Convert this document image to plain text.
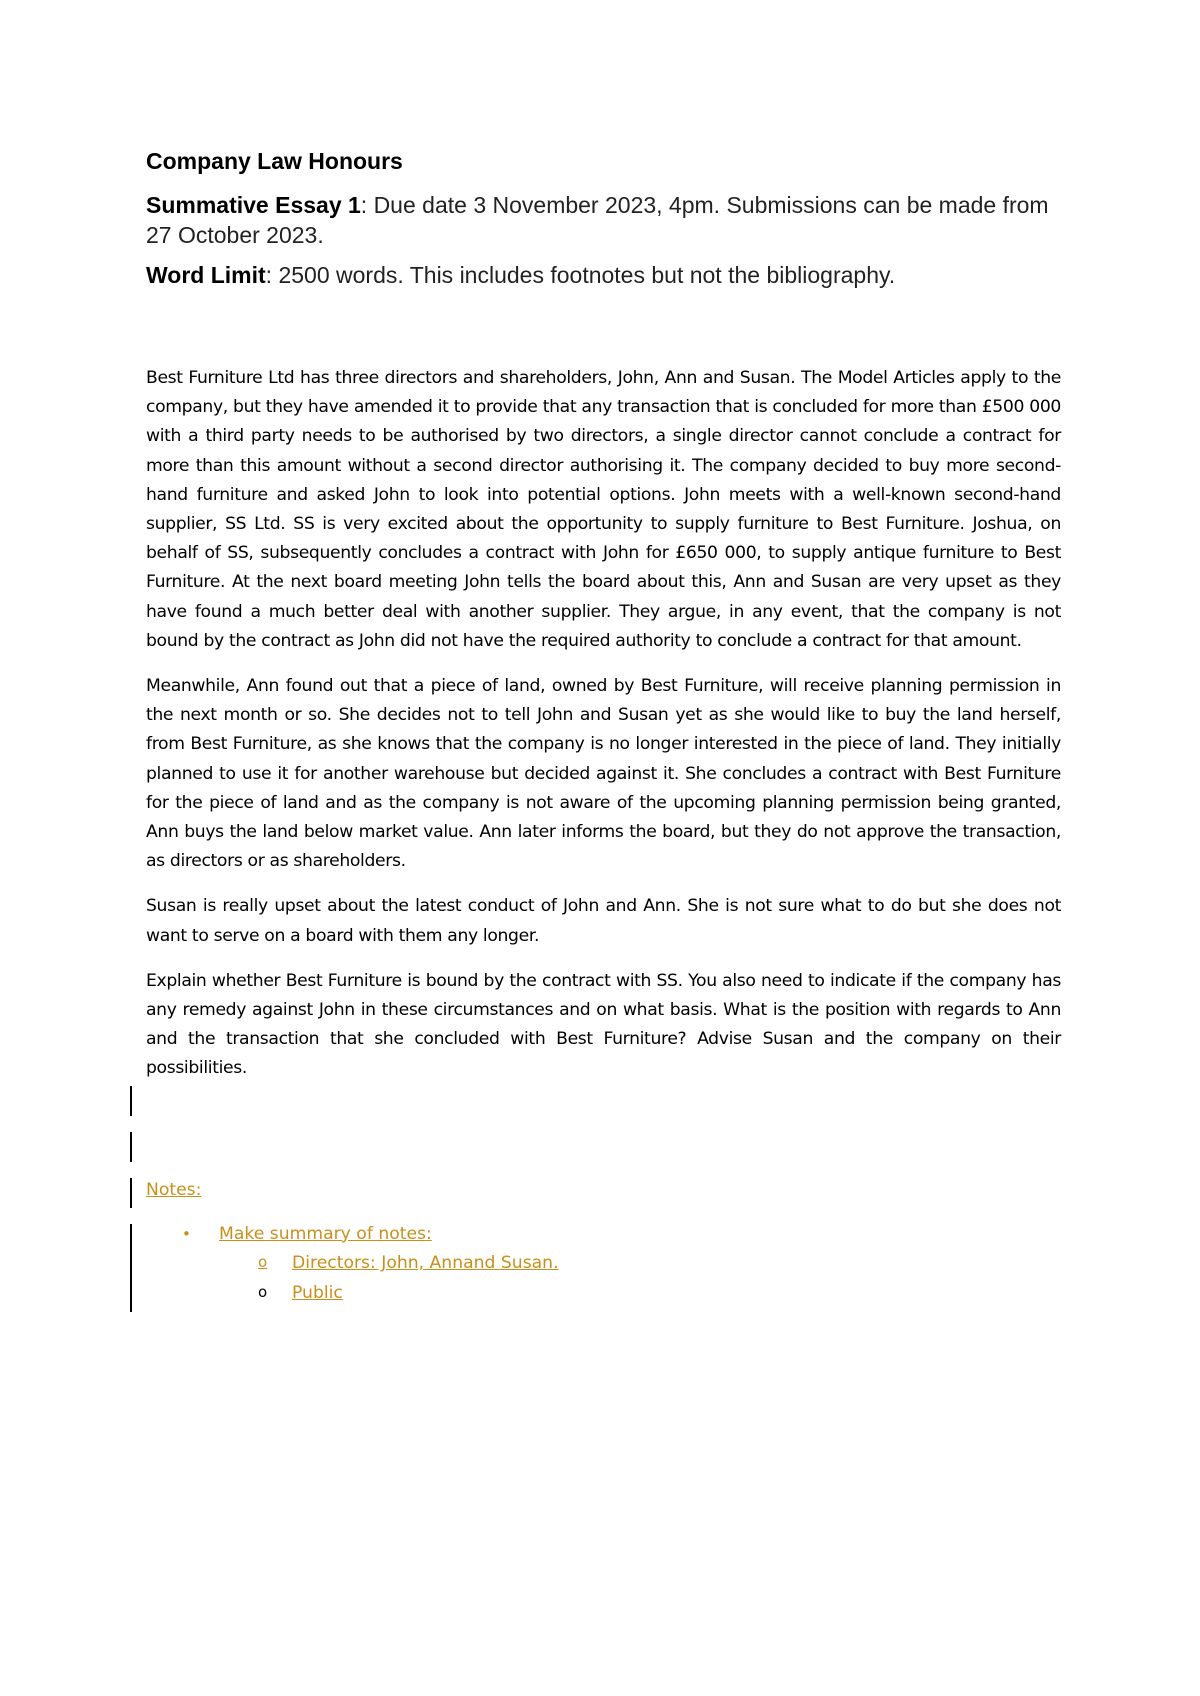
Company Law Honours
Summative Essay 1: Due date 3 November 2023, 4pm. Submissions can be made from 27 October 2023.
Word Limit: 2500 words. This includes footnotes but not the bibliography.

Best Furniture Ltd has three directors and shareholders, John, Ann and Susan. The Model Articles apply to the company, but they have amended it to provide that any transaction that is concluded for more than £500 000 with a third party needs to be authorised by two directors, a single director cannot conclude a contract for more than this amount without a second director authorising it. The company decided to buy more second-hand furniture and asked John to look into potential options. John meets with a well-known second-hand supplier, SS Ltd. SS is very excited about the opportunity to supply furniture to Best Furniture. Joshua, on behalf of SS, subsequently concludes a contract with John for £650 000, to supply antique furniture to Best Furniture. At the next board meeting John tells the board about this, Ann and Susan are very upset as they have found a much better deal with another supplier. They argue, in any event, that the company is not bound by the contract as John did not have the required authority to conclude a contract for that amount.

Meanwhile, Ann found out that a piece of land, owned by Best Furniture, will receive planning permission in the next month or so. She decides not to tell John and Susan yet as she would like to buy the land herself, from Best Furniture, as she knows that the company is no longer interested in the piece of land. They initially planned to use it for another warehouse but decided against it. She concludes a contract with Best Furniture for the piece of land and as the company is not aware of the upcoming planning permission being granted, Ann buys the land below market value. Ann later informs the board, but they do not approve the transaction, as directors or as shareholders.

Susan is really upset about the latest conduct of John and Ann. She is not sure what to do but she does not want to serve on a board with them any longer.

Explain whether Best Furniture is bound by the contract with SS. You also need to indicate if the company has any remedy against John in these circumstances and on what basis. What is the position with regards to Ann and the transaction that she concluded with Best Furniture? Advise Susan and the company on their possibilities.

Notes:
• Make summary of notes:
o Directors: John, Annand Susan.
o Public
